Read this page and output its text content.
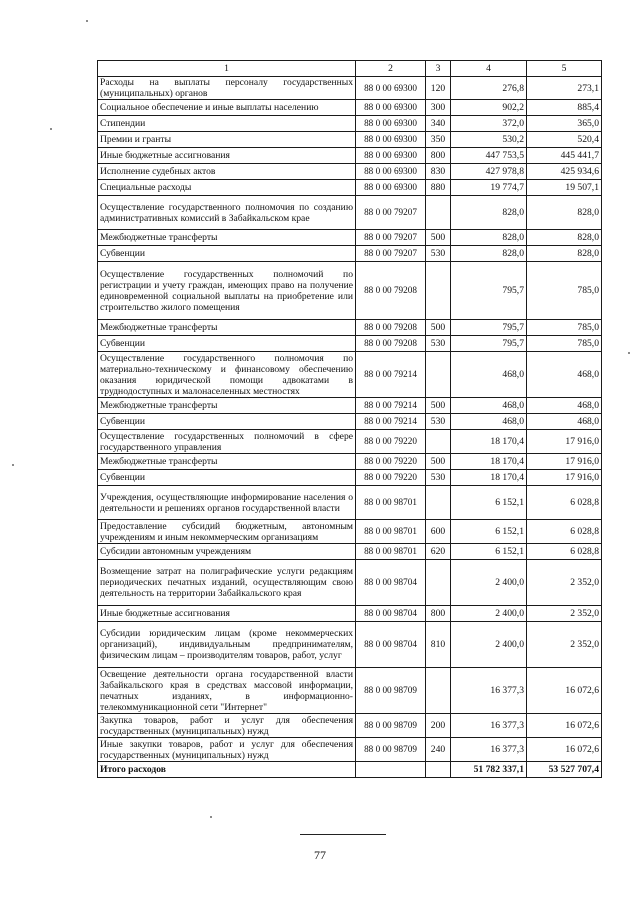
1	2	3	4	5
Расходы на выплаты персоналу государственных (муниципальных) органов	88 0 00 69300	120	276,8	273,1
Социальное обеспечение и иные выплаты населению	88 0 00 69300	300	902,2	885,4
Стипендии	88 0 00 69300	340	372,0	365,0
Премии и гранты	88 0 00 69300	350	530,2	520,4
Иные бюджетные ассигнования	88 0 00 69300	800	447 753,5	445 441,7
Исполнение судебных актов	88 0 00 69300	830	427 978,8	425 934,6
Специальные расходы	88 0 00 69300	880	19 774,7	19 507,1
Осуществление государственного полномочия по созданию административных комиссий в Забайкальском крае	88 0 00 79207		828,0	828,0
Межбюджетные трансферты	88 0 00 79207	500	828,0	828,0
Субвенции	88 0 00 79207	530	828,0	828,0
Осуществление государственных полномочий по регистрации и учету граждан, имеющих право на получение единовременной социальной выплаты на приобретение или строительство жилого помещения	88 0 00 79208		795,7	785,0
Межбюджетные трансферты	88 0 00 79208	500	795,7	785,0
Субвенции	88 0 00 79208	530	795,7	785,0
Осуществление государственного полномочия по материально-техническому и финансовому обеспечению оказания юридической помощи адвокатами в труднодоступных и малонаселенных местностях	88 0 00 79214		468,0	468,0
Межбюджетные трансферты	88 0 00 79214	500	468,0	468,0
Субвенции	88 0 00 79214	530	468,0	468,0
Осуществление государственных полномочий в сфере государственного управления	88 0 00 79220		18 170,4	17 916,0
Межбюджетные трансферты	88 0 00 79220	500	18 170,4	17 916,0
Субвенции	88 0 00 79220	530	18 170,4	17 916,0
Учреждения, осуществляющие информирование населения о деятельности и решениях органов государственной власти	88 0 00 98701		6 152,1	6 028,8
Предоставление субсидий бюджетным, автономным учреждениям и иным некоммерческим организациям	88 0 00 98701	600	6 152,1	6 028,8
Субсидии автономным учреждениям	88 0 00 98701	620	6 152,1	6 028,8
Возмещение затрат на полиграфические услуги редакциям периодических печатных изданий, осуществляющим свою деятельность на территории Забайкальского края	88 0 00 98704		2 400,0	2 352,0
Иные бюджетные ассигнования	88 0 00 98704	800	2 400,0	2 352,0
Субсидии юридическим лицам (кроме некоммерческих организаций), индивидуальным предпринимателям, физическим лицам – производителям товаров, работ, услуг	88 0 00 98704	810	2 400,0	2 352,0
Освещение деятельности органа государственной власти Забайкальского края в средствах массовой информации, печатных изданиях, в информационно-телекоммуникационной сети "Интернет"	88 0 00 98709		16 377,3	16 072,6
Закупка товаров, работ и услуг для обеспечения государственных (муниципальных) нужд	88 0 00 98709	200	16 377,3	16 072,6
Иные закупки товаров, работ и услуг для обеспечения государственных (муниципальных) нужд	88 0 00 98709	240	16 377,3	16 072,6
Итого расходов			51 782 337,1	53 527 707,4
77
